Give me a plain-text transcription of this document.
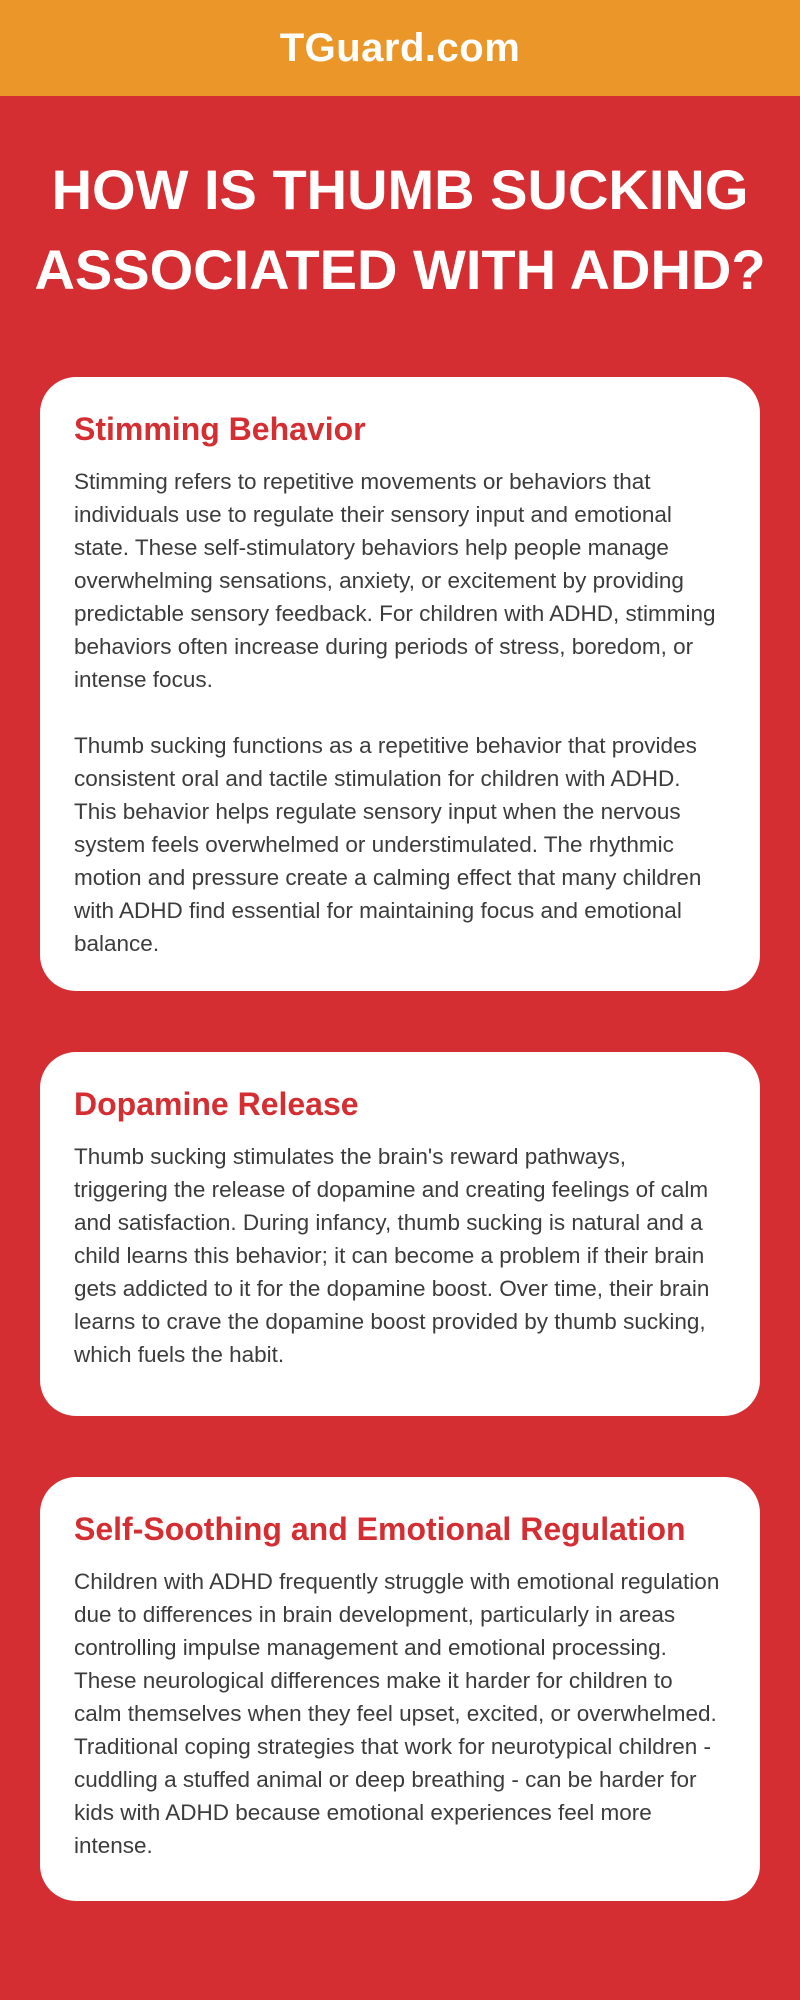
TGuard.com
HOW IS THUMB SUCKING ASSOCIATED WITH ADHD?
Stimming Behavior

Stimming refers to repetitive movements or behaviors that individuals use to regulate their sensory input and emotional state. These self-stimulatory behaviors help people manage overwhelming sensations, anxiety, or excitement by providing predictable sensory feedback. For children with ADHD, stimming behaviors often increase during periods of stress, boredom, or intense focus.

Thumb sucking functions as a repetitive behavior that provides consistent oral and tactile stimulation for children with ADHD. This behavior helps regulate sensory input when the nervous system feels overwhelmed or understimulated. The rhythmic motion and pressure create a calming effect that many children with ADHD find essential for maintaining focus and emotional balance.

Dopamine Release

Thumb sucking stimulates the brain's reward pathways, triggering the release of dopamine and creating feelings of calm and satisfaction. During infancy, thumb sucking is natural and a child learns this behavior; it can become a problem if their brain gets addicted to it for the dopamine boost. Over time, their brain learns to crave the dopamine boost provided by thumb sucking, which fuels the habit.

Self-Soothing and Emotional Regulation

Children with ADHD frequently struggle with emotional regulation due to differences in brain development, particularly in areas controlling impulse management and emotional processing. These neurological differences make it harder for children to calm themselves when they feel upset, excited, or overwhelmed. Traditional coping strategies that work for neurotypical children - cuddling a stuffed animal or deep breathing - can be harder for kids with ADHD because emotional experiences feel more intense.
